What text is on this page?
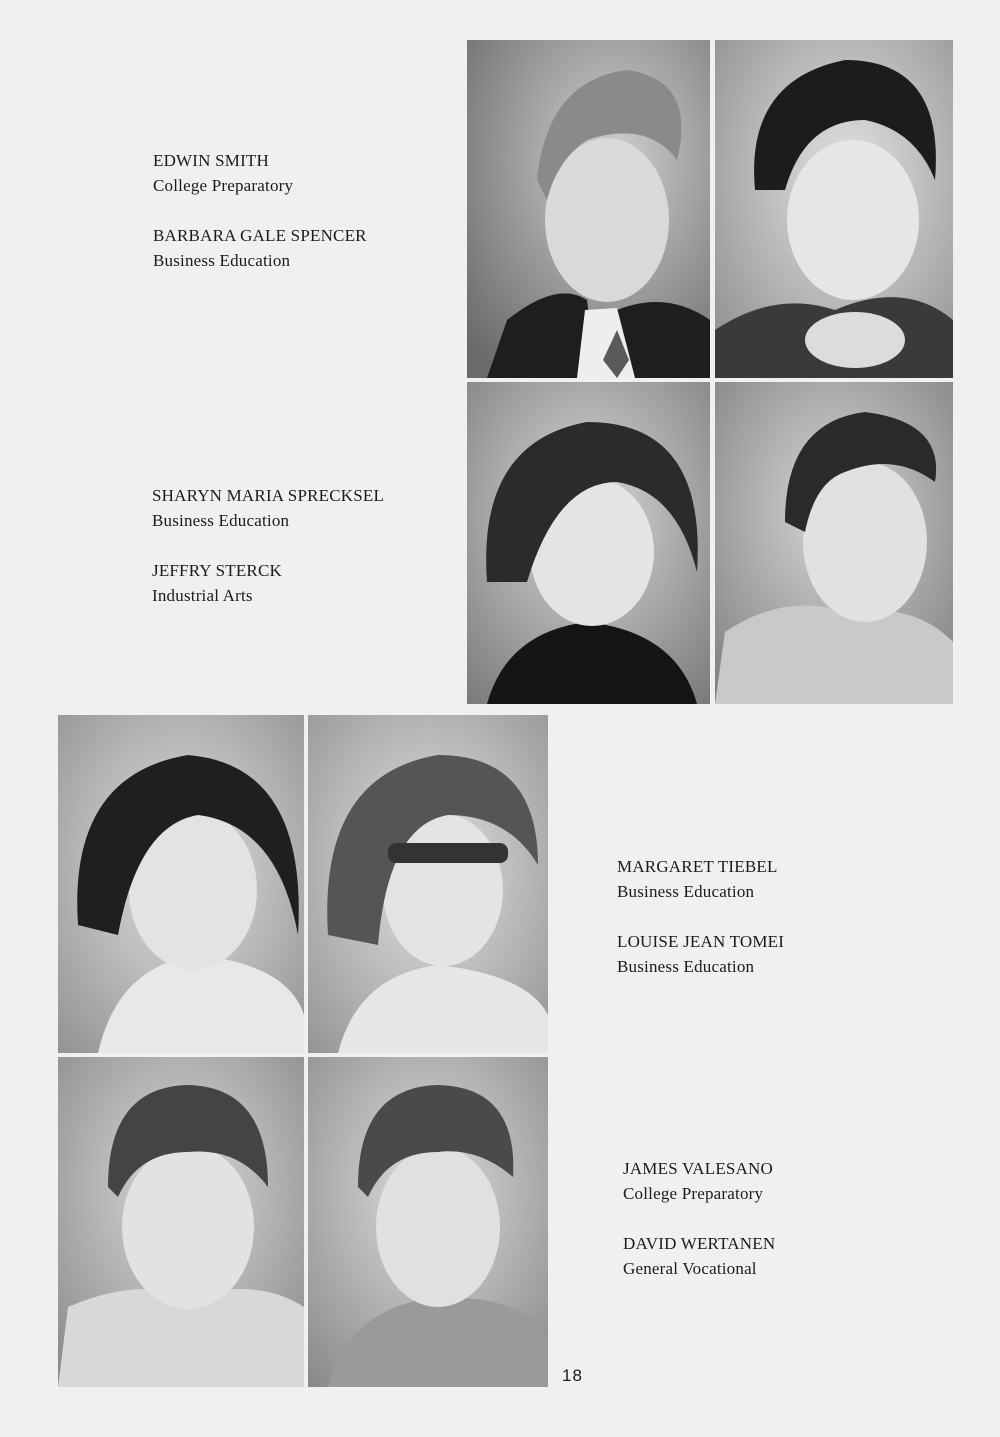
EDWIN SMITH
College Preparatory
BARBARA GALE SPENCER
Business Education
SHARYN MARIA SPRECKSEL
Business Education
JEFFRY STERCK
Industrial Arts
MARGARET TIEBEL
Business Education
LOUISE JEAN TOMEI
Business Education
JAMES VALESANO
College Preparatory
DAVID WERTANEN
General Vocational
18
